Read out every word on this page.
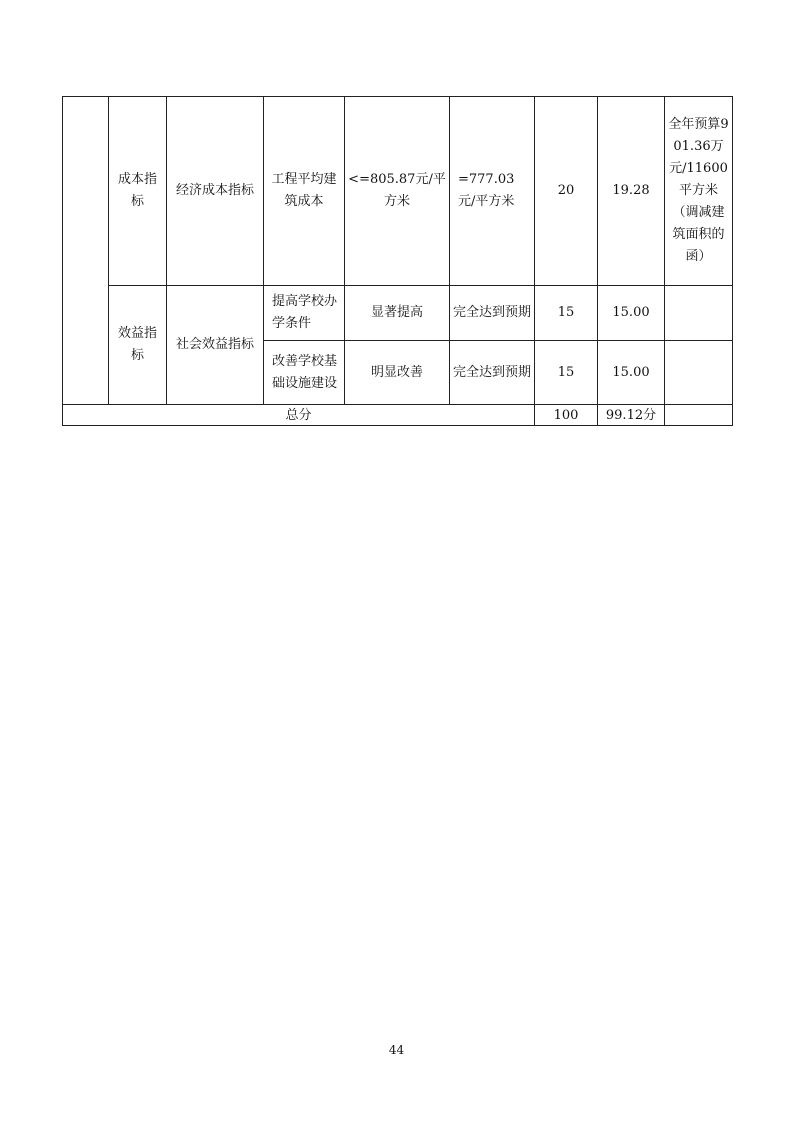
	成本指标	经济成本指标	工程平均建筑成本	<=805.87元/平方米	=777.03元/平方米	20	19.28	全年预算901.36万元/11600平方米（调减建筑面积的函）
	效益指标	社会效益指标	提高学校办学条件	显著提高	完全达到预期	15	15.00	
			改善学校基础设施建设	明显改善	完全达到预期	15	15.00	
总分						100	99.12分	
44
